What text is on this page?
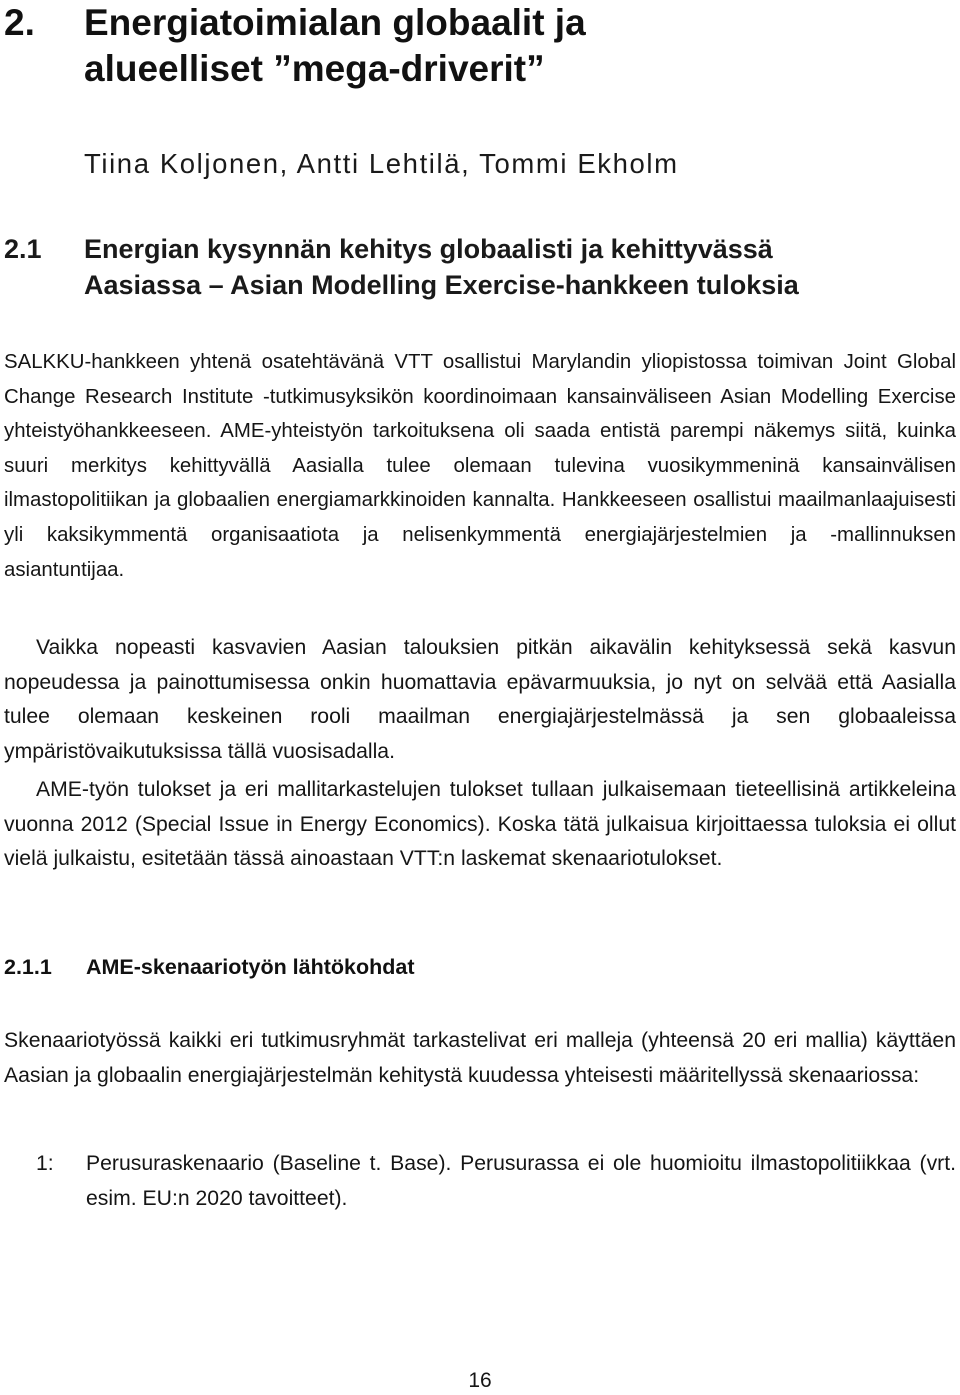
2.	Energiatoimialan globaalit ja
alueelliset ”mega-driverit”
Tiina Koljonen, Antti Lehtilä, Tommi Ekholm
2.1	Energian kysynnän kehitys globaalisti ja kehittyvässä
Aasiassa – Asian Modelling Exercise-hankkeen tuloksia

SALKKU-hankkeen yhtenä osatehtävänä VTT osallistui Marylandin yliopistossa toimivan Joint Global Change Research Institute -tutkimusyksikön koordinoimaan kansainväliseen Asian Modelling Exercise yhteistyöhankkeeseen. AME-yhteistyön tarkoituksena oli saada entistä parempi näkemys siitä, kuinka suuri merkitys kehittyvällä Aasialla tulee olemaan tulevina vuosikymmeninä kansainvälisen ilmastopolitiikan ja globaalien energiamarkkinoiden kannalta. Hankkeeseen osallistui maailmanlaajuisesti yli kaksikymmentä organisaatiota ja nelisenkymmentä energiajärjestelmien ja -mallinnuksen asiantuntijaa.

Vaikka nopeasti kasvavien Aasian talouksien pitkän aikavälin kehityksessä sekä kasvun nopeudessa ja painottumisessa onkin huomattavia epävarmuuksia, jo nyt on selvää että Aasialla tulee olemaan keskeinen rooli maailman energiajärjestelmässä ja sen globaaleissa ympäristövaikutuksissa tällä vuosisadalla.

AME-työn tulokset ja eri mallitarkastelujen tulokset tullaan julkaisemaan tieteellisinä artikkeleina vuonna 2012 (Special Issue in Energy Economics). Koska tätä julkaisua kirjoittaessa tuloksia ei ollut vielä julkaistu, esitetään tässä ainoastaan VTT:n laskemat skenaariotulokset.

2.1.1	AME-skenaariotyön lähtökohdat

Skenaariotyössä kaikki eri tutkimusryhmät tarkastelivat eri malleja (yhteensä 20 eri mallia) käyttäen Aasian ja globaalin energiajärjestelmän kehitystä kuudessa yhteisesti määritellyssä skenaariossa:

1:	Perusuraskenaario (Baseline t. Base). Perusurassa ei ole huomioitu ilmastopolitiikkaa (vrt. esim. EU:n 2020 tavoitteet).
16
